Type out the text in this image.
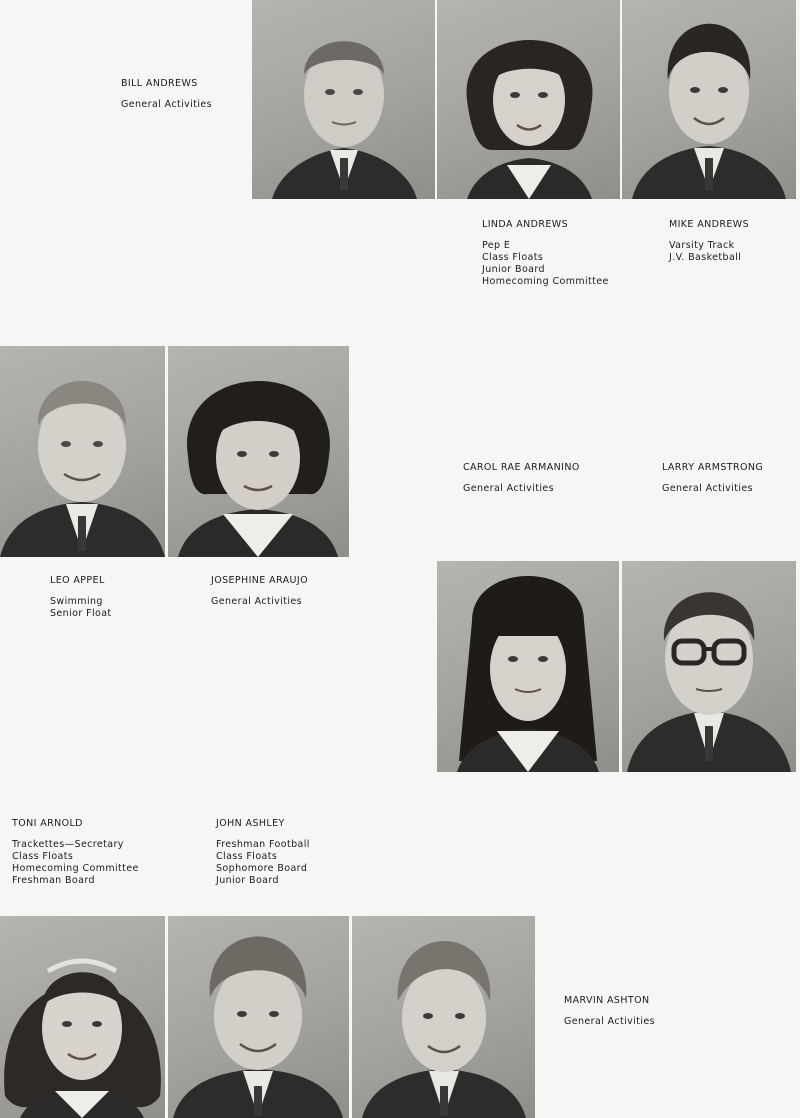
BILL ANDREWS
General Activities
LINDA ANDREWS
Pep E
Class Floats
Junior Board
Homecoming Committee
MIKE ANDREWS
Varsity Track
J.V. Basketball
CAROL RAE ARMANINO
General Activities
LARRY ARMSTRONG
General Activities
LEO APPEL
Swimming
Senior Float
JOSEPHINE ARAUJO
General Activities
TONI ARNOLD
Trackettes—Secretary
Class Floats
Homecoming Committee
Freshman Board
JOHN ASHLEY
Freshman Football
Class Floats
Sophomore Board
Junior Board
MARVIN ASHTON
General Activities
